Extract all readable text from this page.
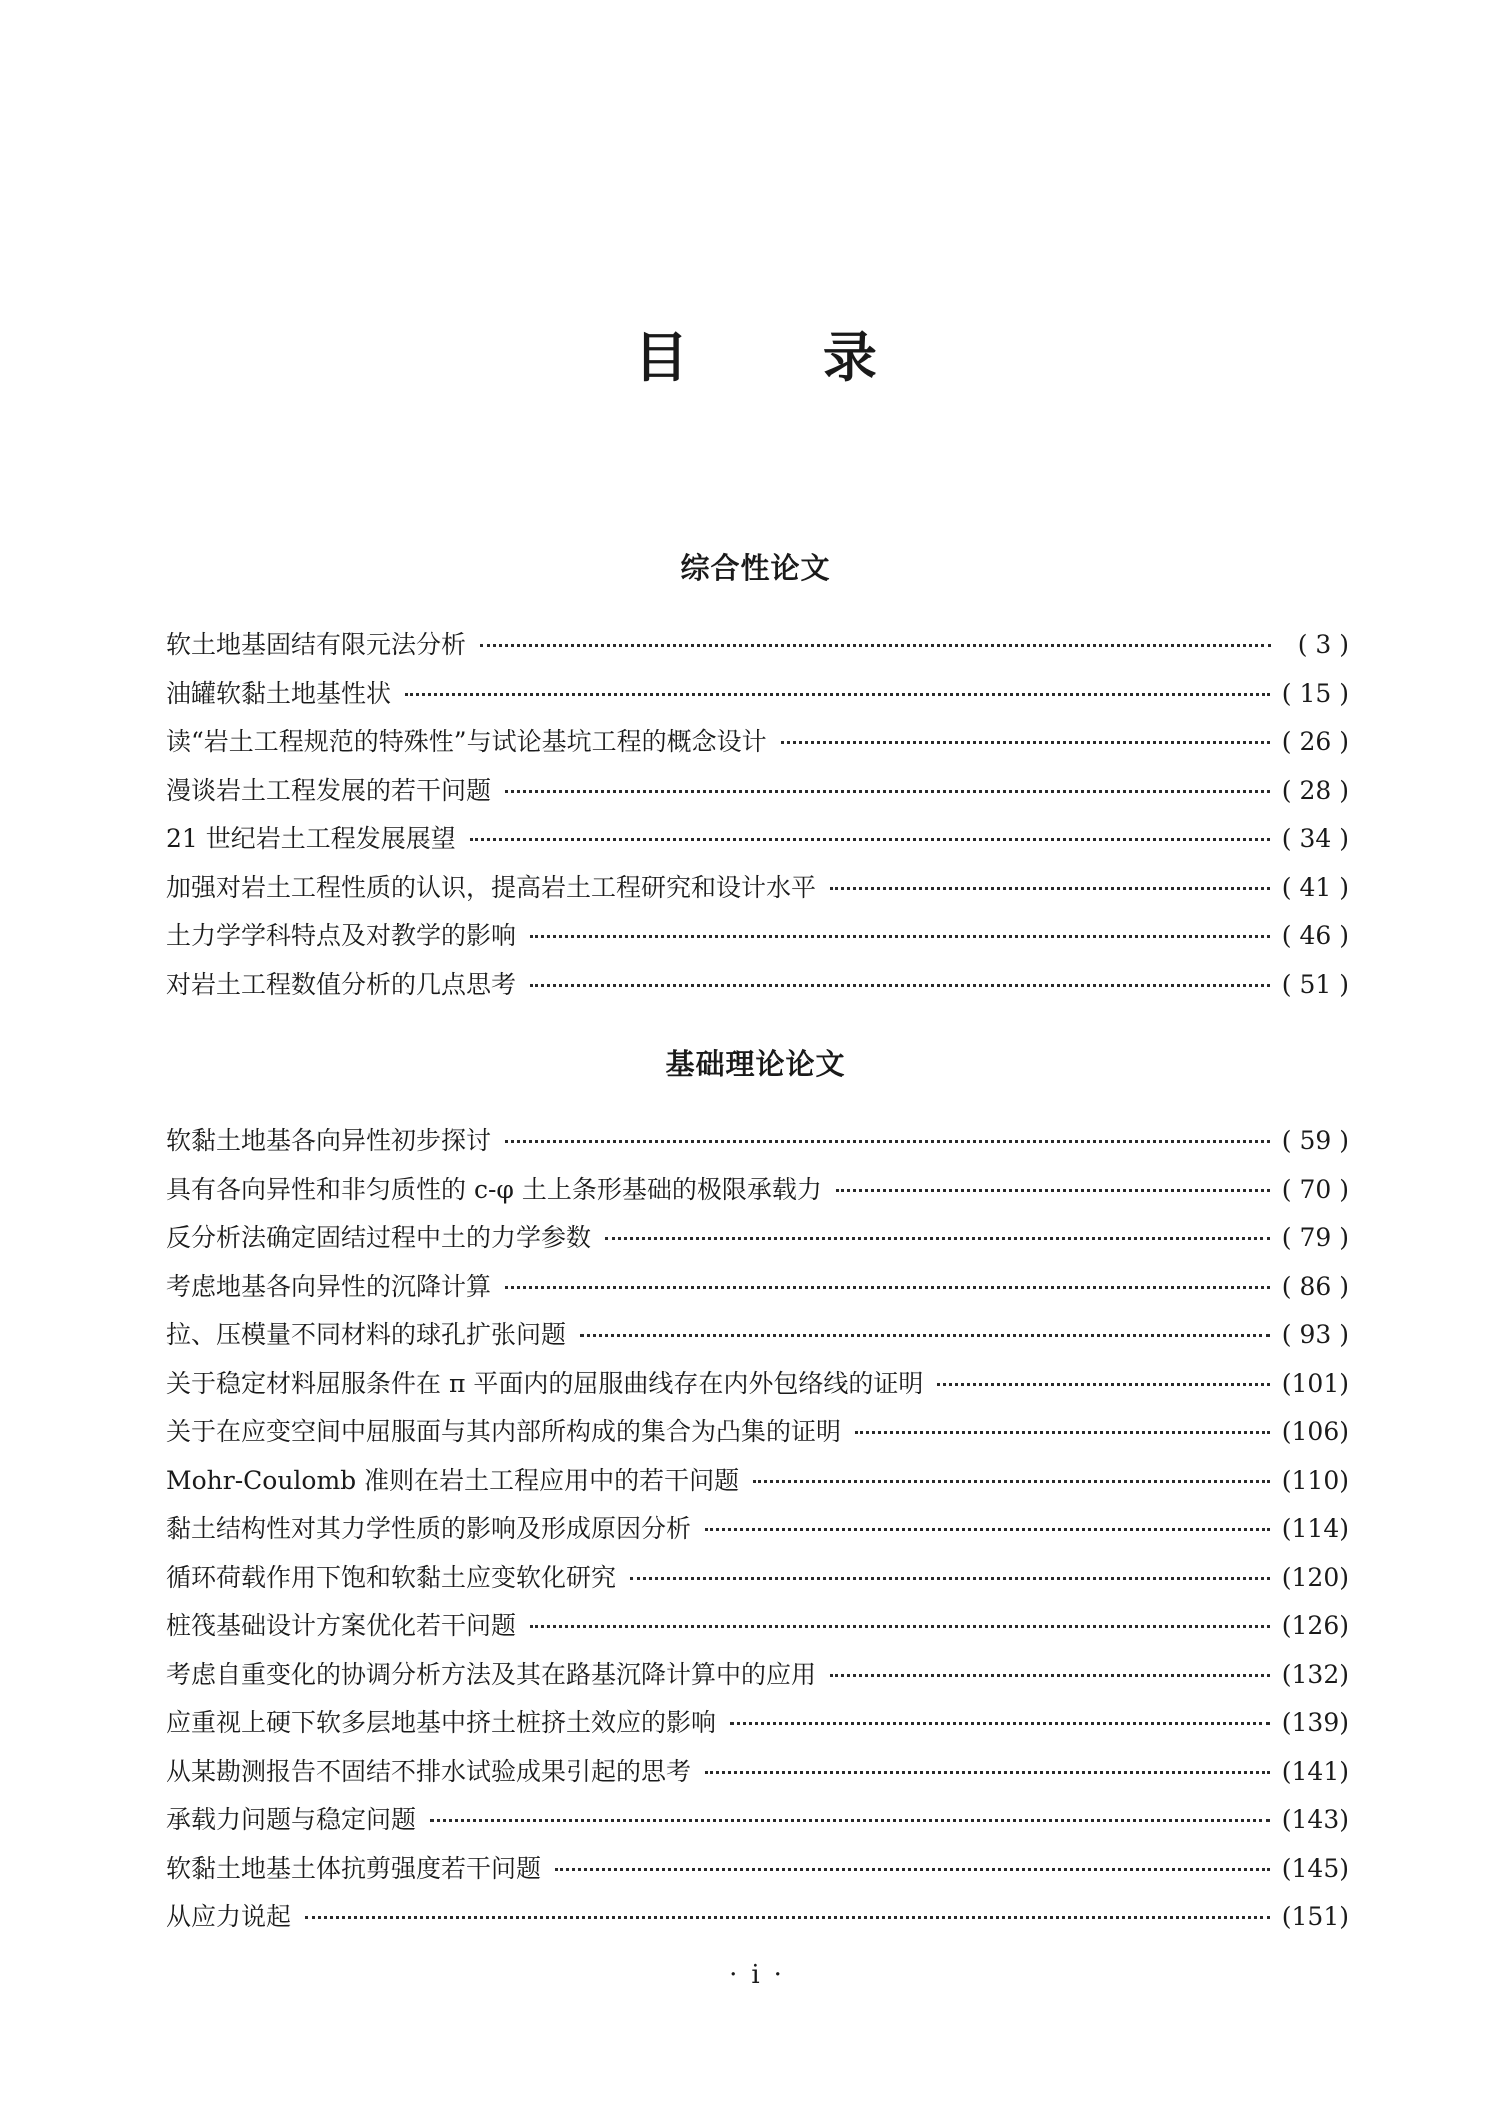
目 录
综合性论文
软土地基固结有限元法分析	( 3 )
油罐软黏土地基性状	( 15 )
读“岩土工程规范的特殊性”与试论基坑工程的概念设计	( 26 )
漫谈岩土工程发展的若干问题	( 28 )
21 世纪岩土工程发展展望	( 34 )
加强对岩土工程性质的认识，提高岩土工程研究和设计水平	( 41 )
土力学学科特点及对教学的影响	( 46 )
对岩土工程数值分析的几点思考	( 51 )
基础理论论文
软黏土地基各向异性初步探讨	( 59 )
具有各向异性和非匀质性的 c-φ 土上条形基础的极限承载力	( 70 )
反分析法确定固结过程中土的力学参数	( 79 )
考虑地基各向异性的沉降计算	( 86 )
拉、压模量不同材料的球孔扩张问题	( 93 )
关于稳定材料屈服条件在 π 平面内的屈服曲线存在内外包络线的证明	(101)
关于在应变空间中屈服面与其内部所构成的集合为凸集的证明	(106)
Mohr-Coulomb 准则在岩土工程应用中的若干问题	(110)
黏土结构性对其力学性质的影响及形成原因分析	(114)
循环荷载作用下饱和软黏土应变软化研究	(120)
桩筏基础设计方案优化若干问题	(126)
考虑自重变化的协调分析方法及其在路基沉降计算中的应用	(132)
应重视上硬下软多层地基中挤土桩挤土效应的影响	(139)
从某勘测报告不固结不排水试验成果引起的思考	(141)
承载力问题与稳定问题	(143)
软黏土地基土体抗剪强度若干问题	(145)
从应力说起	(151)
· ⅰ ·
